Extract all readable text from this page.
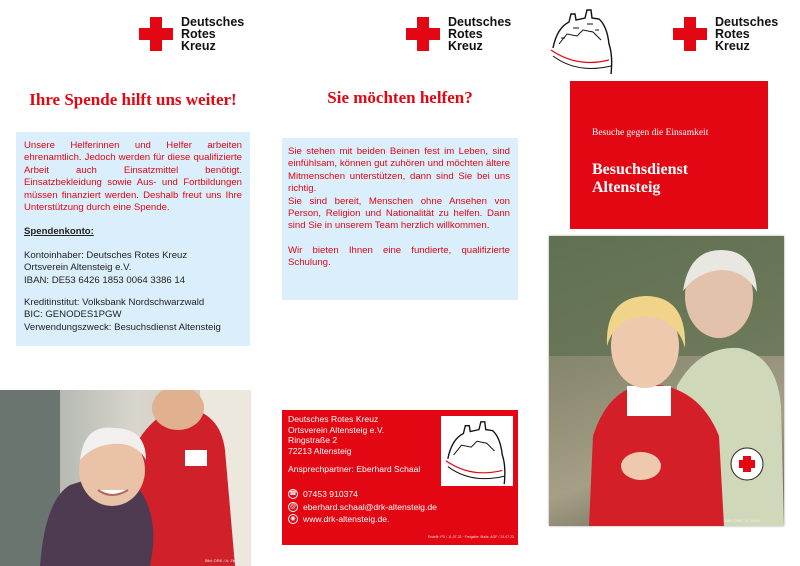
Deutsches
Rotes
Kreuz
Deutsches
Rotes
Kreuz
Deutsches
Rotes
Kreuz
Ihre Spende hilft uns weiter!

Unsere Helferinnen und Helfer arbeiten ehrenamtlich. Jedoch werden für diese qualifizierte Arbeit auch Einsatzmittel benötigt. Einsatzbekleidung sowie Aus- und Fortbildungen müssen finanziert werden. Deshalb freut uns Ihre Unterstützung durch eine Spende.

Spendenkonto:
Kontoinhaber: Deutsches Rotes Kreuz
Ortsverein Altensteig e.V.
IBAN: DE53 6426 1853 0064 3386 14
Kreditinstitut: Volksbank Nordschwarzwald
BIC: GENODES1PGW
Verwendungszweck: Besuchsdienst Altensteig
Bild: DRK / A. Zelck
Sie möchten helfen?

Sie stehen mit beiden Beinen fest im Leben, sind einfühlsam, können gut zuhören und möchten ältere Mitmenschen unterstützen, dann sind Sie bei uns richtig.

Sie sind bereit, Menschen ohne Ansehen von Person, Religion und Nationalität zu helfen. Dann sind Sie in unserem Team herzlich willkommen.

Wir bieten Ihnen eine fundierte, qualifizierte Schulung.

Deutsches Rotes Kreuz
Ortsverein Altensteig e.V.
Ringstraße 2
72213 Altensteig
Ansprechpartner: Eberhard Schaal
☎ 07453 910374
@ eberhard.schaal@drk-altensteig.de
◉ www.drk-altensteig.de.
Erstellt: PD / 11.07.23 · Freigabe: Mails: AGF / 24.07.23
Besuche gegen die Einsamkeit
Besuchsdienst
Altensteig
Bild: DRK / A. Zelck
